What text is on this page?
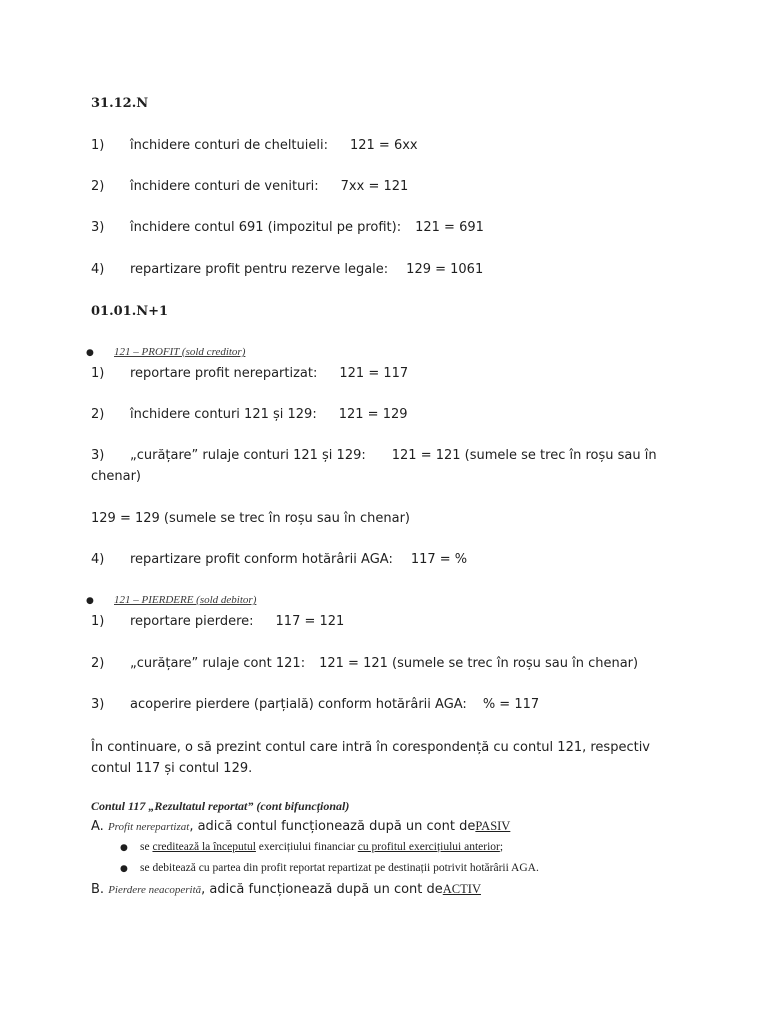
31.12.N
1) închidere conturi de cheltuieli: 121 = 6xx
2) închidere conturi de venituri: 7xx = 121
3) închidere contul 691 (impozitul pe profit): 121 = 691
4) repartizare profit pentru rezerve legale: 129 = 1061
01.01.N+1
● 121 – PROFIT (sold creditor)
1) reportare profit nerepartizat: 121 = 117
2) închidere conturi 121 și 129: 121 = 129
3) „curățare” rulaje conturi 121 și 129: 121 = 121 (sumele se trec în roșu sau în
chenar)
129 = 129 (sumele se trec în roșu sau în chenar)
4) repartizare profit conform hotărârii AGA: 117 = %
● 121 – PIERDERE (sold debitor)
1) reportare pierdere: 117 = 121
2) „curățare” rulaje cont 121: 121 = 121 (sumele se trec în roșu sau în chenar)
3) acoperire pierdere (parțială) conform hotărârii AGA: % = 117
În continuare, o să prezint contul care intră în corespondență cu contul 121, respectiv contul 117 și contul 129.
Contul 117 „Rezultatul reportat” (cont bifuncțional)
A. Profit nerepartizat, adică contul funcționează după un cont dePASIV
● se creditează la începutul exercițiului financiar cu profitul exercițiului anterior;
● se debitează cu partea din profit reportat repartizat pe destinații potrivit hotărârii AGA.
B. Pierdere neacoperită, adică funcționează după un cont deACTIV
